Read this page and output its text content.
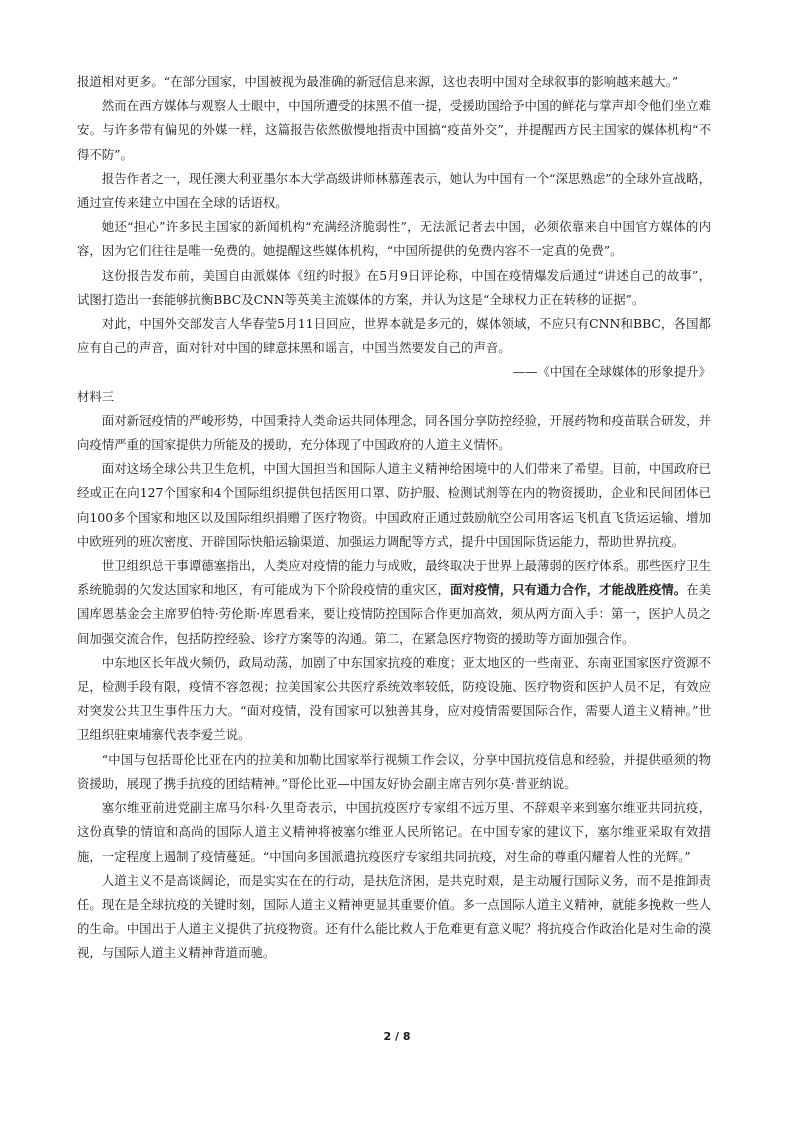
报道相对更多。“在部分国家，中国被视为最准确的新冠信息来源，这也表明中国对全球叙事的影响越来越大。”

然而在西方媒体与观察人士眼中，中国所遭受的抹黑不值一提，受援助国给予中国的鲜花与掌声却令他们坐立难安。与许多带有偏见的外媒一样，这篇报告依然傲慢地指责中国搞“疫苗外交”，并提醒西方民主国家的媒体机构“不得不防”。

报告作者之一，现任澳大利亚墨尔本大学高级讲师林慕莲表示，她认为中国有一个“深思熟虑”的全球外宣战略，通过宣传来建立中国在全球的话语权。

她还“担心”许多民主国家的新闻机构“充满经济脆弱性”，无法派记者去中国，必须依靠来自中国官方媒体的内容，因为它们往往是唯一免费的。她提醒这些媒体机构，“中国所提供的免费内容不一定真的免费”。

这份报告发布前，美国自由派媒体《纽约时报》在5月9日评论称，中国在疫情爆发后通过“讲述自己的故事”，试图打造出一套能够抗衡BBC及CNN等英美主流媒体的方案，并认为这是“全球权力正在转移的证据”。

对此，中国外交部发言人华春莹5月11日回应，世界本就是多元的，媒体领域，不应只有CNN和BBC，各国都应有自己的声音，面对针对中国的肆意抹黑和谣言，中国当然要发自己的声音。

——《中国在全球媒体的形象提升》

材料三

面对新冠疫情的严峻形势，中国秉持人类命运共同体理念，同各国分享防控经验，开展药物和疫苗联合研发，并向疫情严重的国家提供力所能及的援助，充分体现了中国政府的人道主义情怀。

面对这场全球公共卫生危机，中国大国担当和国际人道主义精神给困境中的人们带来了希望。目前，中国政府已经或正在向127个国家和4个国际组织提供包括医用口罩、防护服、检测试剂等在内的物资援助，企业和民间团体已向100多个国家和地区以及国际组织捐赠了医疗物资。中国政府正通过鼓励航空公司用客运飞机直飞货运运输、增加中欧班列的班次密度、开辟国际快船运输渠道、加强运力调配等方式，提升中国国际货运能力，帮助世界抗疫。

世卫组织总干事谭德塞指出，人类应对疫情的能力与成败，最终取决于世界上最薄弱的医疗体系。那些医疗卫生系统脆弱的欠发达国家和地区，有可能成为下个阶段疫情的重灾区，面对疫情，只有通力合作，才能战胜疫情。在美国库恩基金会主席罗伯特·劳伦斯·库恩看来，要让疫情防控国际合作更加高效，须从两方面入手：第一，医护人员之间加强交流合作，包括防控经验、诊疗方案等的沟通。第二，在紧急医疗物资的援助等方面加强合作。

中东地区长年战火频仍，政局动荡，加剧了中东国家抗疫的难度；亚太地区的一些南亚、东南亚国家医疗资源不足，检测手段有限，疫情不容忽视；拉美国家公共医疗系统效率较低，防疫设施、医疗物资和医护人员不足，有效应对突发公共卫生事件压力大。“面对疫情，没有国家可以独善其身，应对疫情需要国际合作，需要人道主义精神。”世卫组织驻柬埔寨代表李爱兰说。

“中国与包括哥伦比亚在内的拉美和加勒比国家举行视频工作会议，分享中国抗疫信息和经验，并提供亟须的物资援助，展现了携手抗疫的团结精神。”哥伦比亚—中国友好协会副主席吉列尔莫·普亚纳说。

塞尔维亚前进党副主席马尔科·久里奇表示，中国抗疫医疗专家组不远万里、不辞艰辛来到塞尔维亚共同抗疫，这份真挚的情谊和高尚的国际人道主义精神将被塞尔维亚人民所铭记。在中国专家的建议下，塞尔维亚采取有效措施，一定程度上遏制了疫情蔓延。“中国向多国派遣抗疫医疗专家组共同抗疫，对生命的尊重闪耀着人性的光辉。”

人道主义不是高谈阔论，而是实实在在的行动，是扶危济困，是共克时艰，是主动履行国际义务，而不是推卸责任。现在是全球抗疫的关键时刻，国际人道主义精神更显其重要价值。多一点国际人道主义精神，就能多挽救一些人的生命。中国出于人道主义提供了抗疫物资。还有什么能比救人于危难更有意义呢？将抗疫合作政治化是对生命的漠视，与国际人道主义精神背道而驰。

2 / 8
